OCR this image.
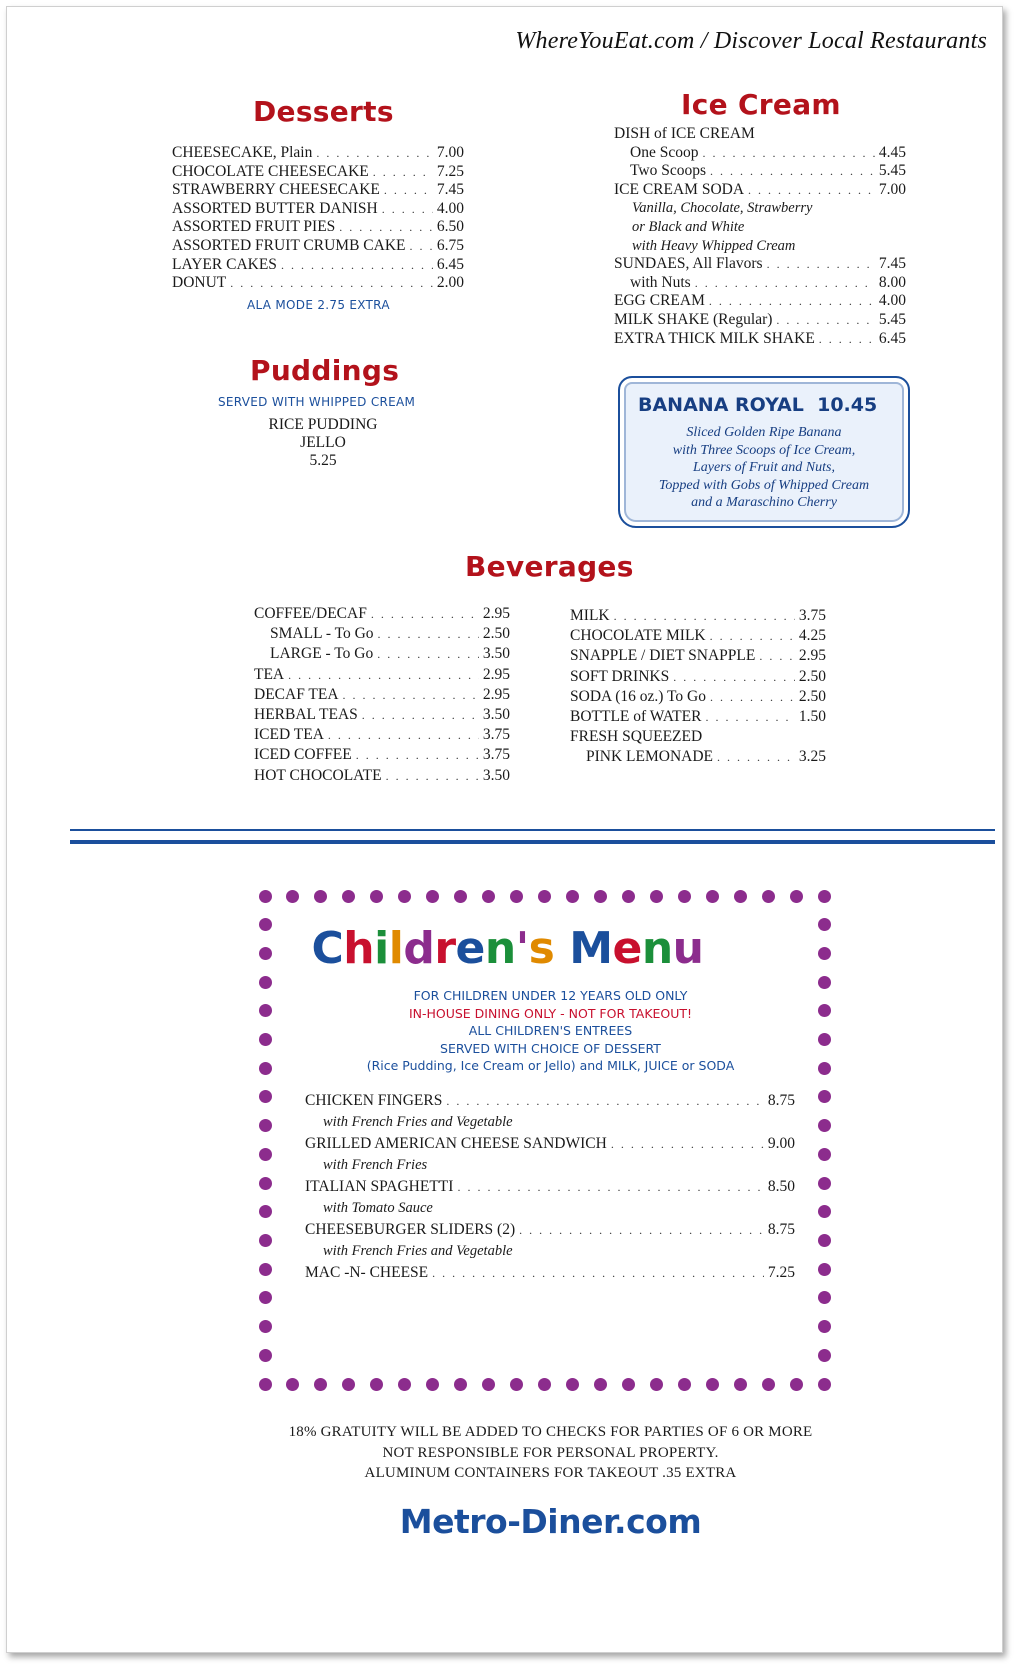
WhereYouEat.com / Discover Local Restaurants
Desserts
CHEESECAKE, Plain . . .	7.00
CHOCOLATE CHEESECAKE . . .	7.25
STRAWBERRY CHEESECAKE . . .	7.45
ASSORTED BUTTER DANISH . . .	4.00
ASSORTED FRUIT PIES . . .	6.50
ASSORTED FRUIT CRUMB CAKE . . . 6.75
LAYER CAKES . . .	6.45
DONUT . . .	2.00
ALA MODE 2.75 EXTRA
Puddings
SERVED WITH WHIPPED CREAM
RICE PUDDING
JELLO
5.25
Ice Cream
DISH of ICE CREAM
One Scoop . . .	4.45
Two Scoops . . .	5.45
ICE CREAM SODA . . .	7.00
Vanilla, Chocolate, Strawberry
or Black and White
with Heavy Whipped Cream
SUNDAES, All Flavors . . .	7.45
with Nuts . . .	8.00
EGG CREAM . . .	4.00
MILK SHAKE (Regular) . . .	5.45
EXTRA THICK MILK SHAKE . . .	6.45
BANANA ROYAL 10.45
Sliced Golden Ripe Banana
with Three Scoops of Ice Cream,
Layers of Fruit and Nuts,
Topped with Gobs of Whipped Cream
and a Maraschino Cherry
Beverages
COFFEE/DECAF . . .	2.95
SMALL - To Go . . .	2.50
LARGE - To Go . . .	3.50
TEA . . .	2.95
DECAF TEA . . .	2.95
HERBAL TEAS . . .	3.50
ICED TEA . . .	3.75
ICED COFFEE . . .	3.75
HOT CHOCOLATE . . .	3.50
MILK . . .	3.75
CHOCOLATE MILK . . .	4.25
SNAPPLE / DIET SNAPPLE . . .	2.95
SOFT DRINKS . . .	2.50
SODA (16 oz.) To Go . . .	2.50
BOTTLE of WATER . . .	1.50
FRESH SQUEEZED
PINK LEMONADE . . .	3.25
Children's Menu
FOR CHILDREN UNDER 12 YEARS OLD ONLY
IN-HOUSE DINING ONLY - NOT FOR TAKEOUT!
ALL CHILDREN'S ENTREES
SERVED WITH CHOICE OF DESSERT
(Rice Pudding, Ice Cream or Jello) and MILK, JUICE or SODA
CHICKEN FINGERS . . .	8.75
with French Fries and Vegetable
GRILLED AMERICAN CHEESE SANDWICH . . .	9.00
with French Fries
ITALIAN SPAGHETTI . . .	8.50
with Tomato Sauce
CHEESEBURGER SLIDERS (2) . . .	8.75
with French Fries and Vegetable
MAC -N- CHEESE . . .	7.25
18% GRATUITY WILL BE ADDED TO CHECKS FOR PARTIES OF 6 OR MORE
NOT RESPONSIBLE FOR PERSONAL PROPERTY.
ALUMINUM CONTAINERS FOR TAKEOUT .35 EXTRA
Metro-Diner.com
